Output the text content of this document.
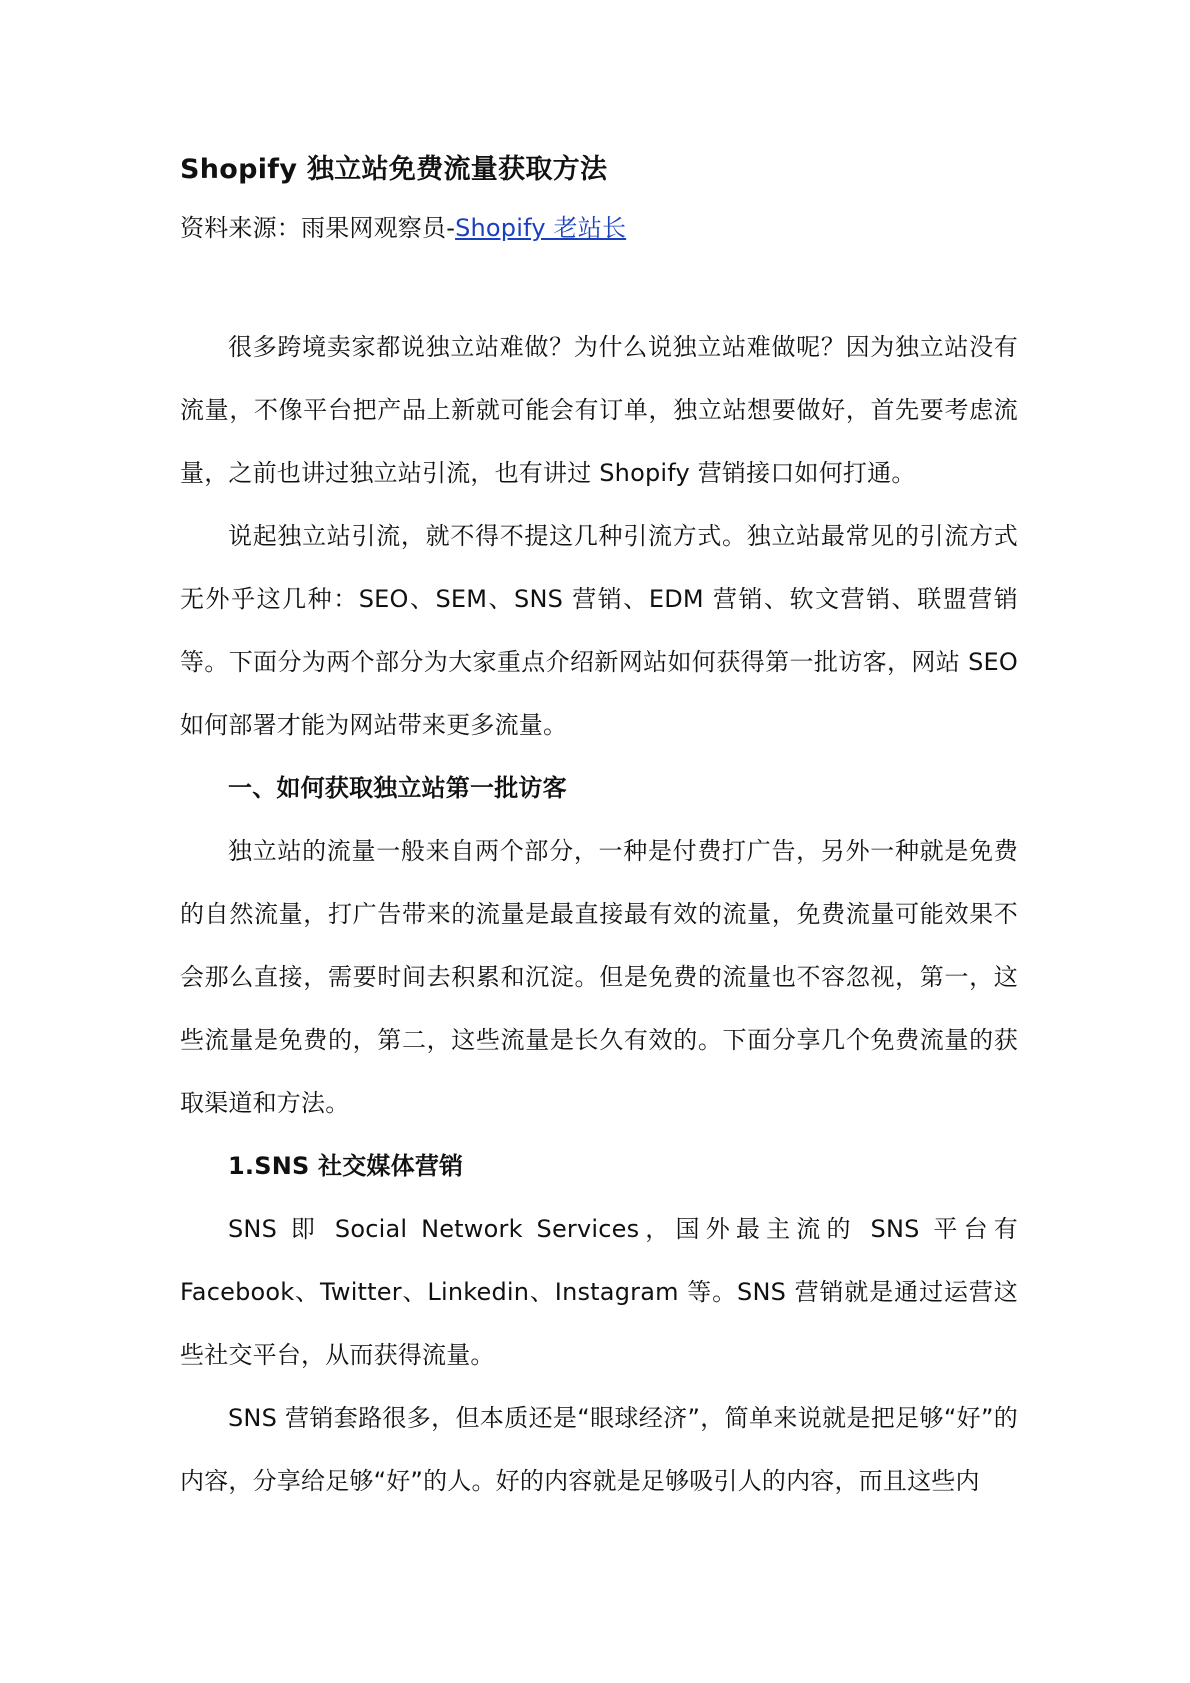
Shopify 独立站免费流量获取方法
资料来源：雨果网观察员-Shopify 老站长

很多跨境卖家都说独立站难做？为什么说独立站难做呢？因为独立站没有流量，不像平台把产品上新就可能会有订单，独立站想要做好，首先要考虑流量，之前也讲过独立站引流，也有讲过 Shopify 营销接口如何打通。

说起独立站引流，就不得不提这几种引流方式。独立站最常见的引流方式无外乎这几种：SEO、SEM、SNS 营销、EDM 营销、软文营销、联盟营销等。下面分为两个部分为大家重点介绍新网站如何获得第一批访客，网站 SEO 如何部署才能为网站带来更多流量。

一、如何获取独立站第一批访客

独立站的流量一般来自两个部分，一种是付费打广告，另外一种就是免费的自然流量，打广告带来的流量是最直接最有效的流量，免费流量可能效果不会那么直接，需要时间去积累和沉淀。但是免费的流量也不容忽视，第一，这些流量是免费的，第二，这些流量是长久有效的。下面分享几个免费流量的获取渠道和方法。

1.SNS 社交媒体营销

SNS 即 Social Network Services，国外最主流的 SNS 平台有 Facebook、Twitter、Linkedin、Instagram 等。SNS 营销就是通过运营这些社交平台，从而获得流量。

SNS 营销套路很多，但本质还是“眼球经济”，简单来说就是把足够“好”的内容，分享给足够“好”的人。好的内容就是足够吸引人的内容，而且这些内
